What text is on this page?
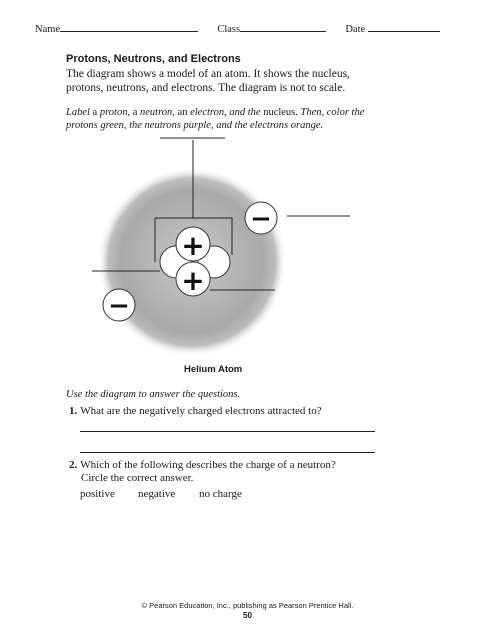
Name	Class	Date
Protons, Neutrons, and Electrons
The diagram shows a model of an atom. It shows the nucleus, protons, neutrons, and electrons. The diagram is not to scale.
Label a proton, a neutron, an electron, and the nucleus. Then, color the protons green, the neutrons purple, and the electrons orange.
+
+
−
−
Helium Atom
Use the diagram to answer the questions.
1. What are the negatively charged electrons attracted to?
2. Which of the following describes the charge of a neutron?
Circle the correct answer.
positive negative no charge
© Pearson Education, Inc., publishing as Pearson Prentice Hall.
50
